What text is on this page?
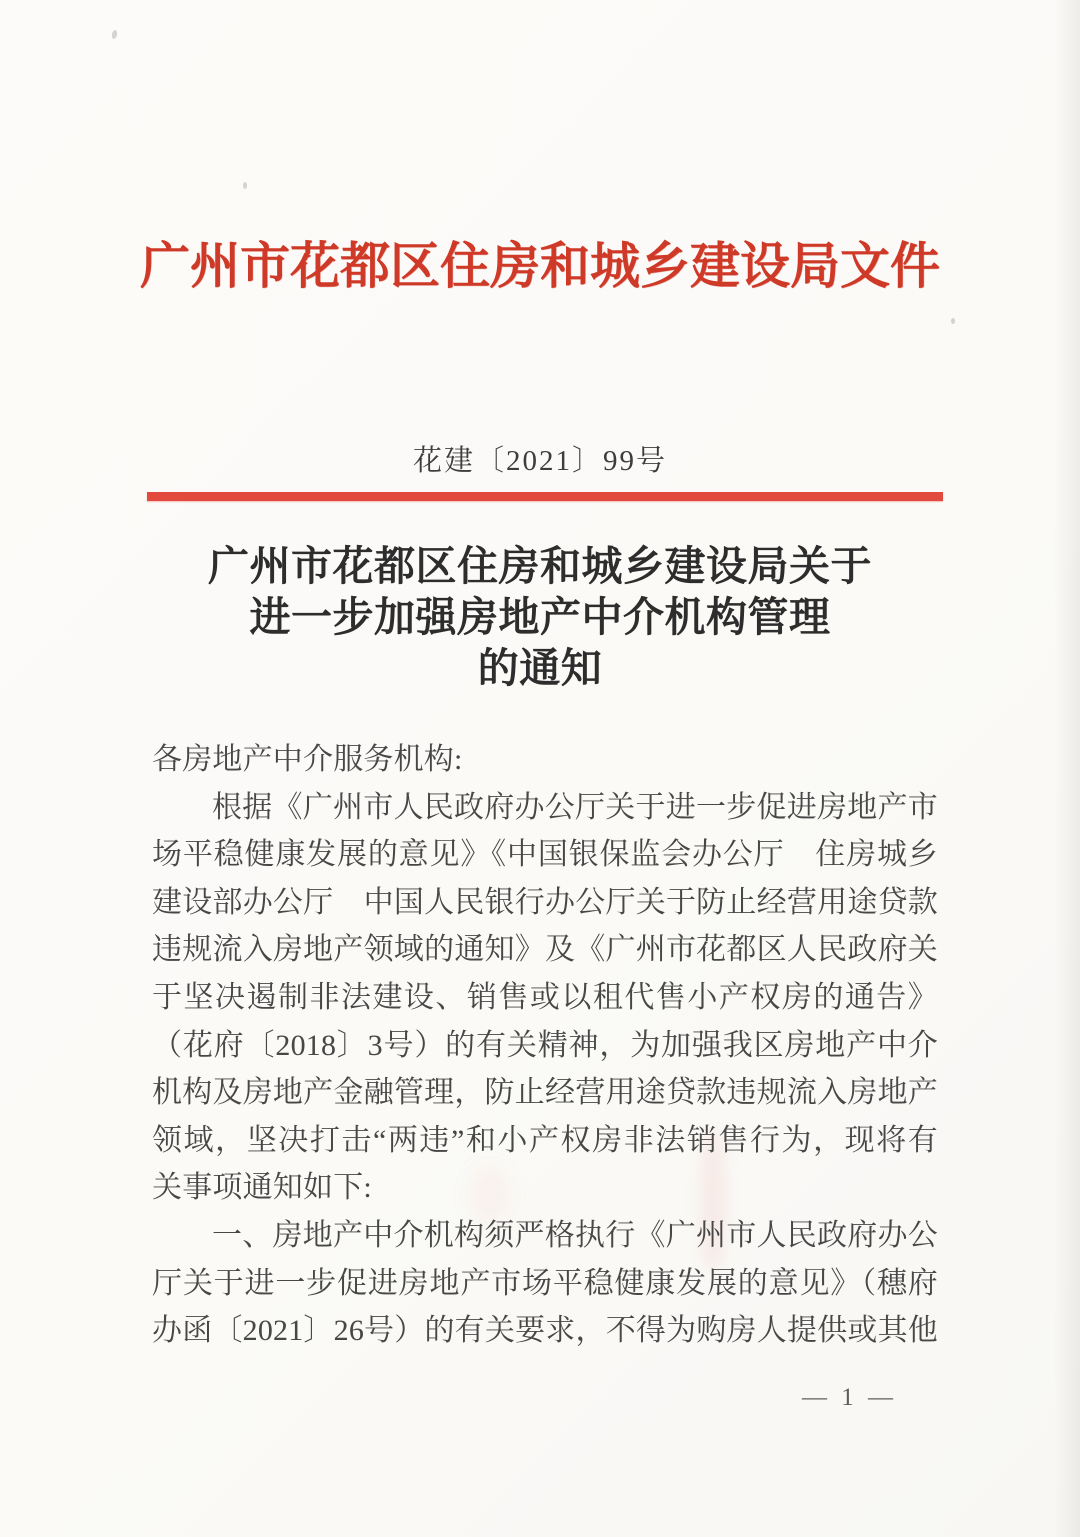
广州市花都区住房和城乡建设局文件
花建〔2021〕99号
广州市花都区住房和城乡建设局关于
进一步加强房地产中介机构管理
的通知
各房地产中介服务机构:
根据《广州市人民政府办公厅关于进一步促进房地产市
场平稳健康发展的意见》《中国银保监会办公厅　住房城乡
建设部办公厅　中国人民银行办公厅关于防止经营用途贷款
违规流入房地产领域的通知》及《广州市花都区人民政府关
于坚决遏制非法建设、销售或以租代售小产权房的通告》
（花府〔2018〕3号）的有关精神，为加强我区房地产中介
机构及房地产金融管理，防止经营用途贷款违规流入房地产
领域，坚决打击“两违”和小产权房非法销售行为，现将有
关事项通知如下:
一、房地产中介机构须严格执行《广州市人民政府办公
厅关于进一步促进房地产市场平稳健康发展的意见》（穗府
办函〔2021〕26号）的有关要求，不得为购房人提供或其他
— 1 —
